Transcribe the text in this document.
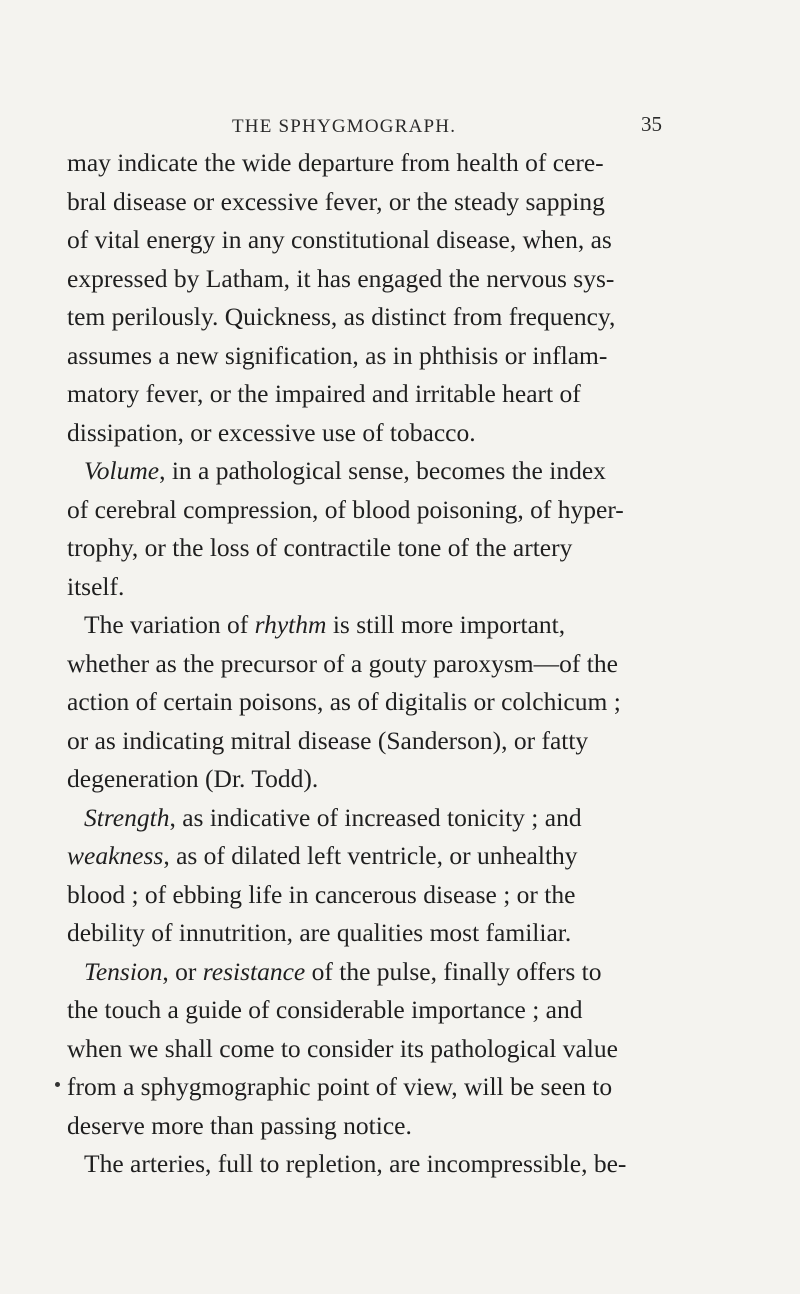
THE SPHYGMOGRAPH.	35
may indicate the wide departure from health of cere-
bral disease or excessive fever, or the steady sapping
of vital energy in any constitutional disease, when, as
expressed by Latham, it has engaged the nervous sys-
tem perilously. Quickness, as distinct from frequency,
assumes a new signification, as in phthisis or inflam-
matory fever, or the impaired and irritable heart of
dissipation, or excessive use of tobacco.
Volume, in a pathological sense, becomes the index
of cerebral compression, of blood poisoning, of hyper-
trophy, or the loss of contractile tone of the artery
itself.
The variation of rhythm is still more important,
whether as the precursor of a gouty paroxysm—of the
action of certain poisons, as of digitalis or colchicum ;
or as indicating mitral disease (Sanderson), or fatty
degeneration (Dr. Todd).
Strength, as indicative of increased tonicity ; and
weakness, as of dilated left ventricle, or unhealthy
blood ; of ebbing life in cancerous disease ; or the
debility of innutrition, are qualities most familiar.
Tension, or resistance of the pulse, finally offers to
the touch a guide of considerable importance ; and
when we shall come to consider its pathological value
from a sphygmographic point of view, will be seen to
deserve more than passing notice.
The arteries, full to repletion, are incompressible, be-
